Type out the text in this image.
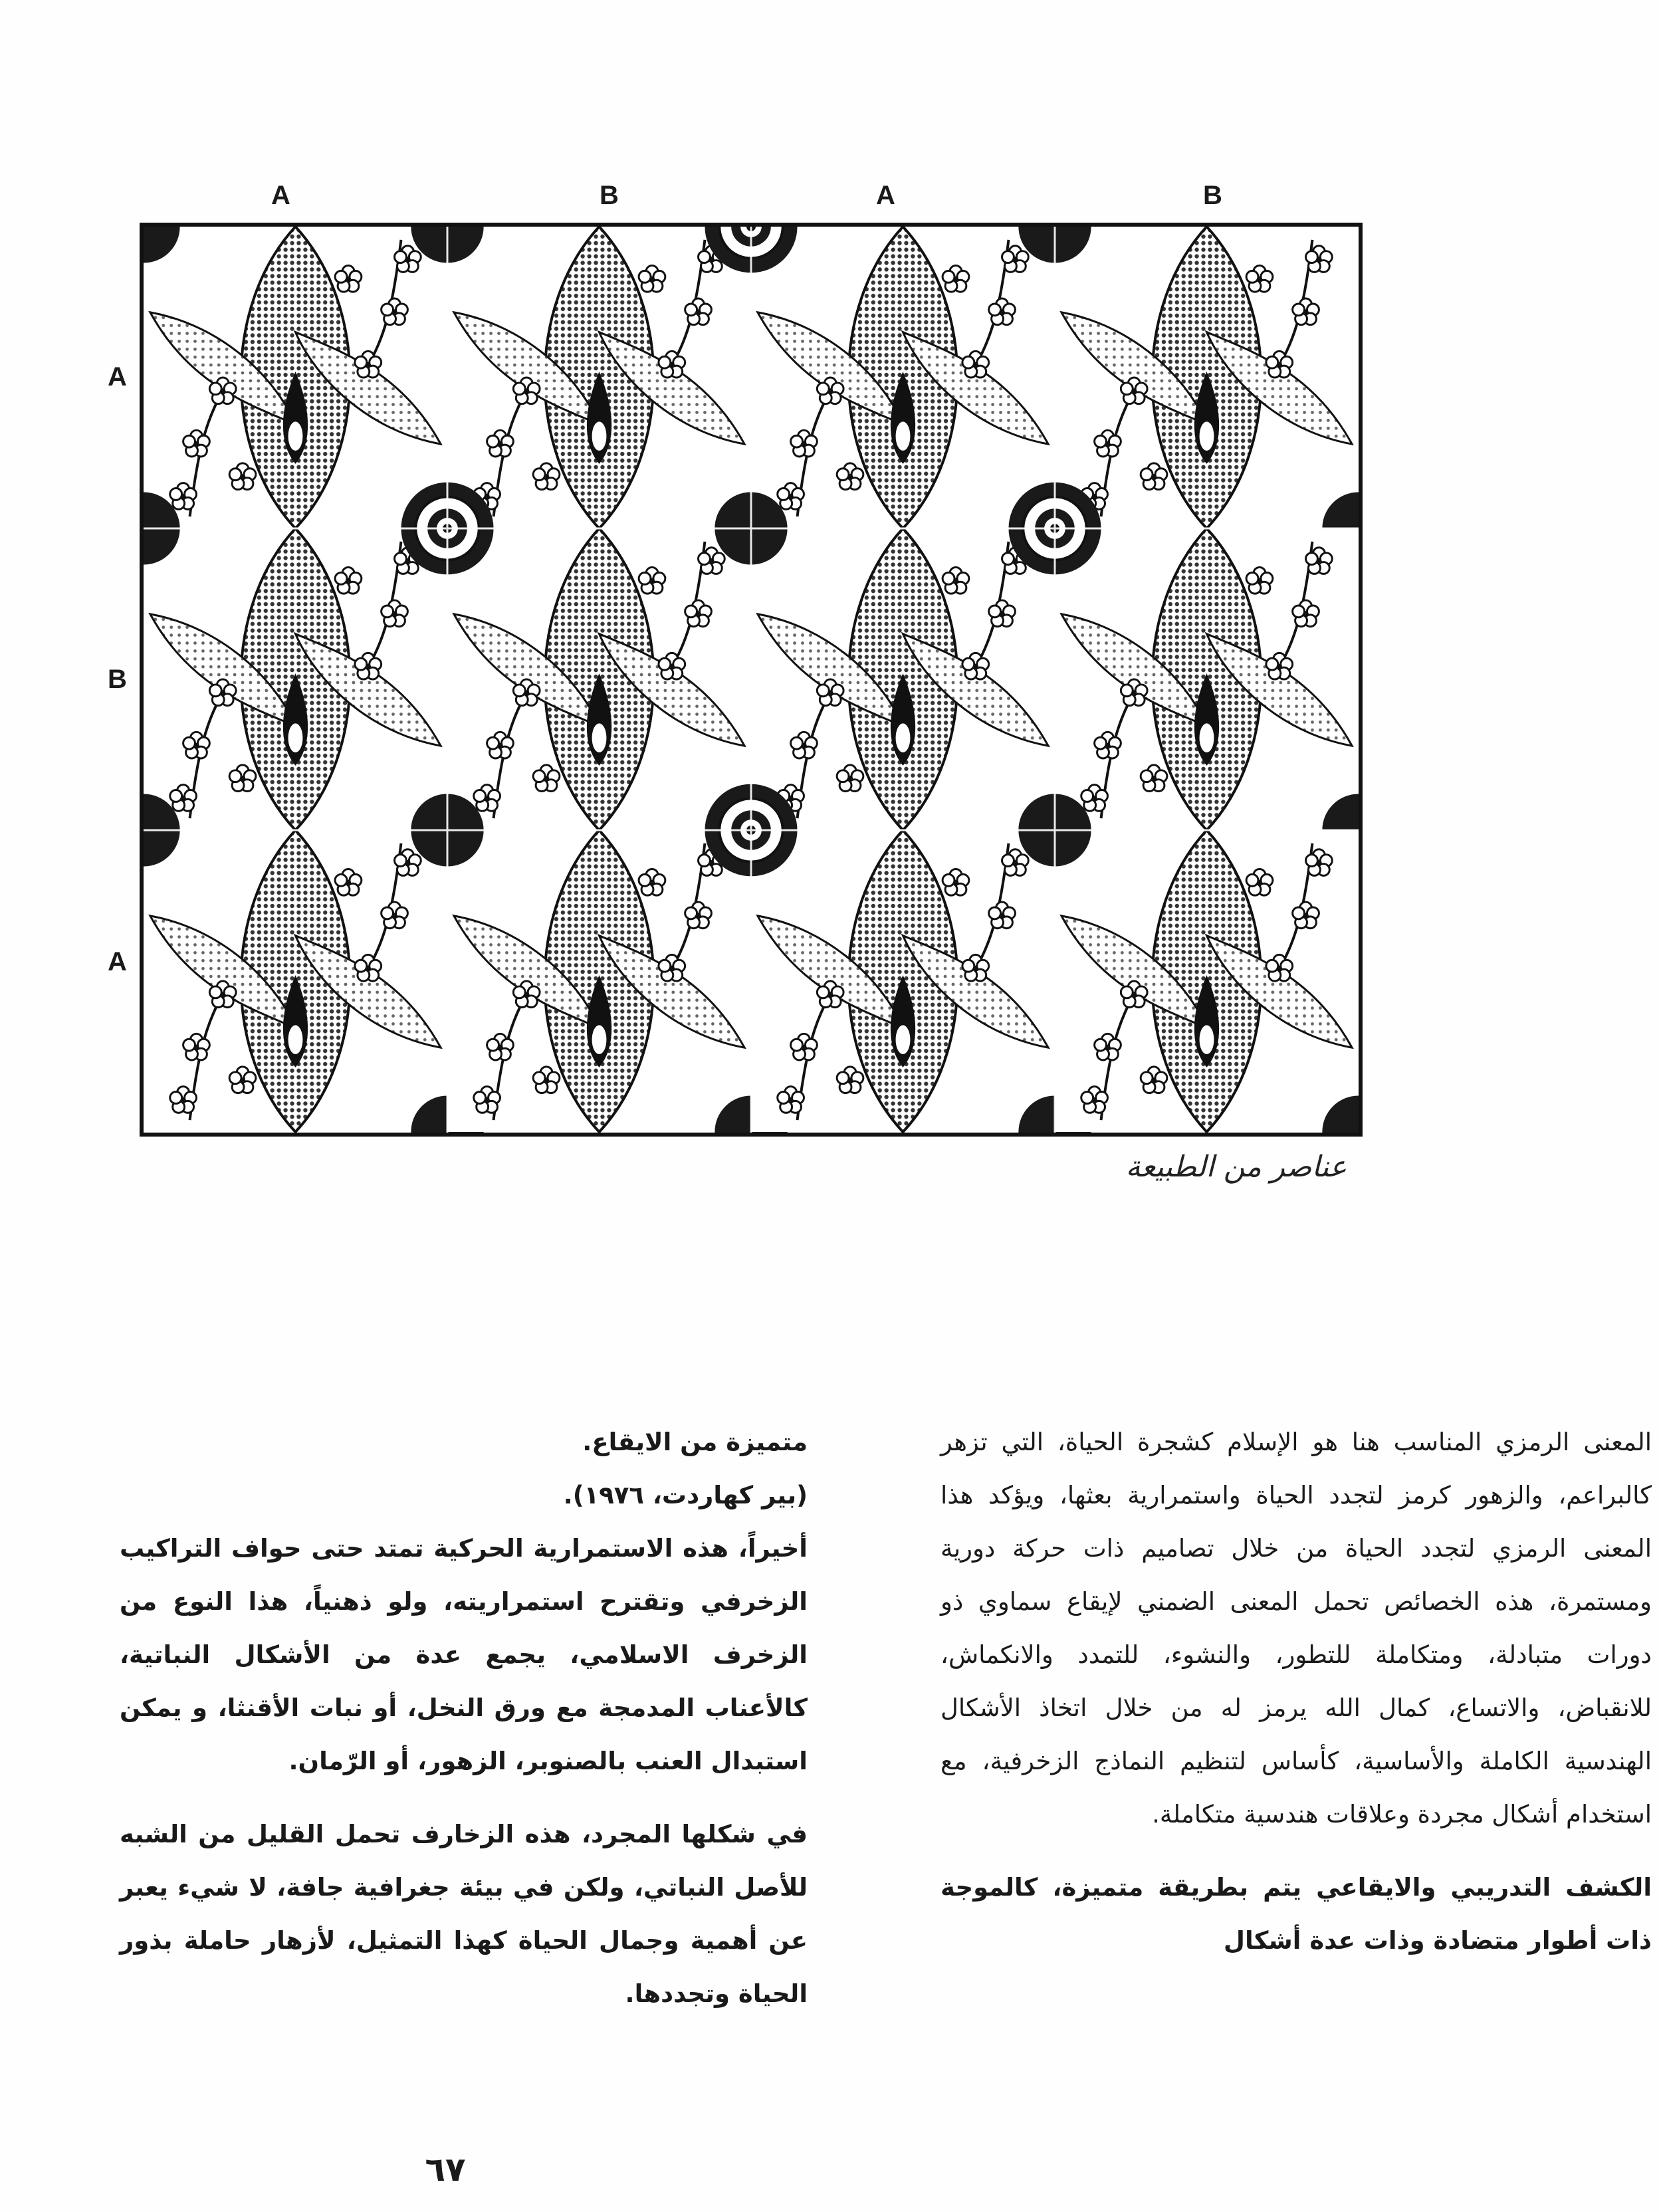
A	B	A	B
A
B
A
عناصر من الطبيعة

المعنى الرمزي المناسب هنا هو الإسلام كشجرة الحياة، التي تزهر كالبراعم، والزهور كرمز لتجدد الحياة واستمرارية بعثها، ويؤكد هذا المعنى الرمزي لتجدد الحياة من خلال تصاميم ذات حركة دورية ومستمرة، هذه الخصائص تحمل المعنى الضمني لإيقاع سماوي ذو دورات متبادلة، ومتكاملة للتطور، والنشوء، للتمدد والانكماش، للانقباض، والاتساع، كمال الله يرمز له من خلال اتخاذ الأشكال الهندسية الكاملة والأساسية، كأساس لتنظيم النماذج الزخرفية، مع استخدام أشكال مجردة وعلاقات هندسية متكاملة.

الكشف التدريبي والايقاعي يتم بطريقة متميزة، كالموجة ذات أطوار متضادة وذات عدة أشكال

متميزة من الايقاع.

(بير كهاردت، ١٩٧٦).

أخيراً، هذه الاستمرارية الحركية تمتد حتى حواف التراكيب الزخرفي وتقترح استمراريته، ولو ذهنياً، هذا النوع من الزخرف الاسلامي، يجمع عدة من الأشكال النباتية، كالأعناب المدمجة مع ورق النخل، أو نبات الأقنثا، و يمكن استبدال العنب بالصنوبر، الزهور، أو الرّمان.

في شكلها المجرد، هذه الزخارف تحمل القليل من الشبه للأصل النباتي، ولكن في بيئة جغرافية جافة، لا شيء يعبر عن أهمية وجمال الحياة كهذا التمثيل، لأزهار حاملة بذور الحياة وتجددها.

٦٧
